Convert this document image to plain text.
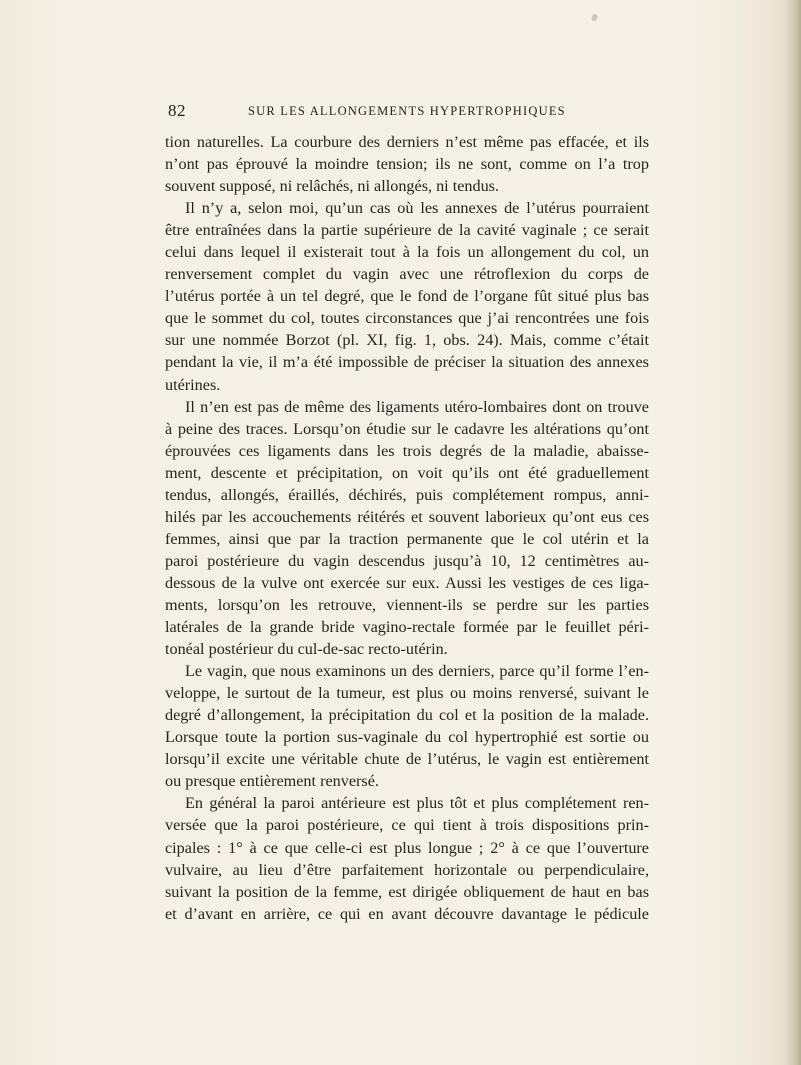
82	SUR LES ALLONGEMENTS HYPERTROPHIQUES
tion naturelles. La courbure des derniers n’est même pas effacée, et ils
n’ont pas éprouvé la moindre tension; ils ne sont, comme on l’a trop
souvent supposé, ni relâchés, ni allongés, ni tendus.
Il n’y a, selon moi, qu’un cas où les annexes de l’utérus pourraient
être entraînées dans la partie supérieure de la cavité vaginale ; ce serait
celui dans lequel il existerait tout à la fois un allongement du col, un
renversement complet du vagin avec une rétroflexion du corps de
l’utérus portée à un tel degré, que le fond de l’organe fût situé plus bas
que le sommet du col, toutes circonstances que j’ai rencontrées une fois
sur une nommée Borzot (pl. XI, fig. 1, obs. 24). Mais, comme c’était
pendant la vie, il m’a été impossible de préciser la situation des annexes
utérines.
Il n’en est pas de même des ligaments utéro-lombaires dont on trouve
à peine des traces. Lorsqu’on étudie sur le cadavre les altérations qu’ont
éprouvées ces ligaments dans les trois degrés de la maladie, abaisse-
ment, descente et précipitation, on voit qu’ils ont été graduellement
tendus, allongés, éraillés, déchirés, puis complétement rompus, anni-
hilés par les accouchements réitérés et souvent laborieux qu’ont eus ces
femmes, ainsi que par la traction permanente que le col utérin et la
paroi postérieure du vagin descendus jusqu’à 10, 12 centimètres au-
dessous de la vulve ont exercée sur eux. Aussi les vestiges de ces liga-
ments, lorsqu’on les retrouve, viennent-ils se perdre sur les parties
latérales de la grande bride vagino-rectale formée par le feuillet péri-
tonéal postérieur du cul-de-sac recto-utérin.
Le vagin, que nous examinons un des derniers, parce qu’il forme l’en-
veloppe, le surtout de la tumeur, est plus ou moins renversé, suivant le
degré d’allongement, la précipitation du col et la position de la malade.
Lorsque toute la portion sus-vaginale du col hypertrophié est sortie ou
lorsqu’il excite une véritable chute de l’utérus, le vagin est entièrement
ou presque entièrement renversé.
En général la paroi antérieure est plus tôt et plus complétement ren-
versée que la paroi postérieure, ce qui tient à trois dispositions prin-
cipales : 1° à ce que celle-ci est plus longue ; 2° à ce que l’ouverture
vulvaire, au lieu d’être parfaitement horizontale ou perpendiculaire,
suivant la position de la femme, est dirigée obliquement de haut en bas
et d’avant en arrière, ce qui en avant découvre davantage le pédicule
